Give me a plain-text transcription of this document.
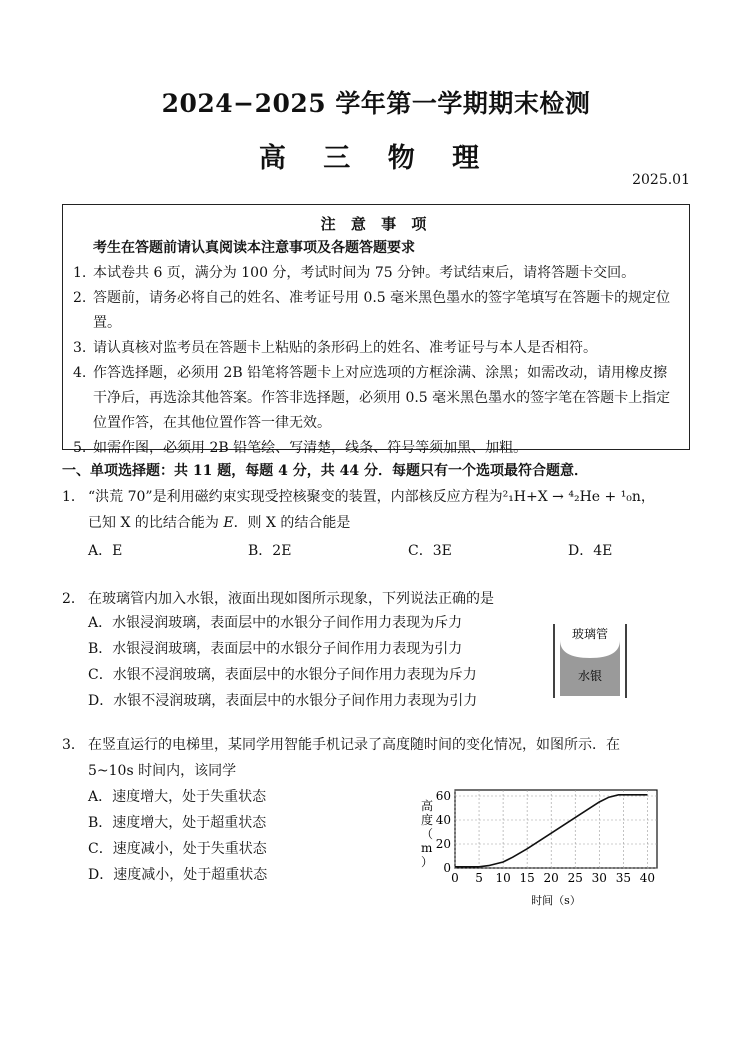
2024−2025 学年第一学期期末检测
高 三 物 理
2025.01
注 意 事 项
考生在答题前请认真阅读本注意事项及各题答题要求
1. 本试卷共 6 页，满分为 100 分，考试时间为 75 分钟。考试结束后，请将答题卡交回。
2. 答题前，请务必将自己的姓名、准考证号用 0.5 毫米黑色墨水的签字笔填写在答题卡的规定位置。
3. 请认真核对监考员在答题卡上粘贴的条形码上的姓名、准考证号与本人是否相符。
4. 作答选择题，必须用 2B 铅笔将答题卡上对应选项的方框涂满、涂黑；如需改动，请用橡皮擦干净后，再选涂其他答案。作答非选择题，必须用 0.5 毫米黑色墨水的签字笔在答题卡上指定位置作答，在其他位置作答一律无效。
5. 如需作图，必须用 2B 铅笔绘、写清楚，线条、符号等须加黑、加粗。
一、单项选择题：共 11 题，每题 4 分，共 44 分．每题只有一个选项最符合题意．
1． “洪荒 70”是利用磁约束实现受控核聚变的装置，内部核反应方程为²₁H+X → ⁴₂He + ¹₀n，
已知 X 的比结合能为
E ．则 X 的结合能是
A．E	B．2E	C．3E	D．4E
2． 在玻璃管内加入水银，液面出现如图所示现象，下列说法正确的是
A．水银浸润玻璃，表面层中的水银分子间作用力表现为斥力
B．水银浸润玻璃，表面层中的水银分子间作用力表现为引力
C．水银不浸润玻璃，表面层中的水银分子间作用力表现为斥力
D．水银不浸润玻璃，表面层中的水银分子间作用力表现为引力
玻璃管
水银
3． 在竖直运行的电梯里，某同学用智能手机记录了高度随时间的变化情况，如图所示．在
5~10s 时间内，该同学
A．速度增大，处于失重状态
B．速度增大，处于超重状态
C．速度减小，处于失重状态
D．速度减小，处于超重状态	0 5 10 15 20 25 30 35 40
0
20
40
60
高度（ m ）
时间（s）
